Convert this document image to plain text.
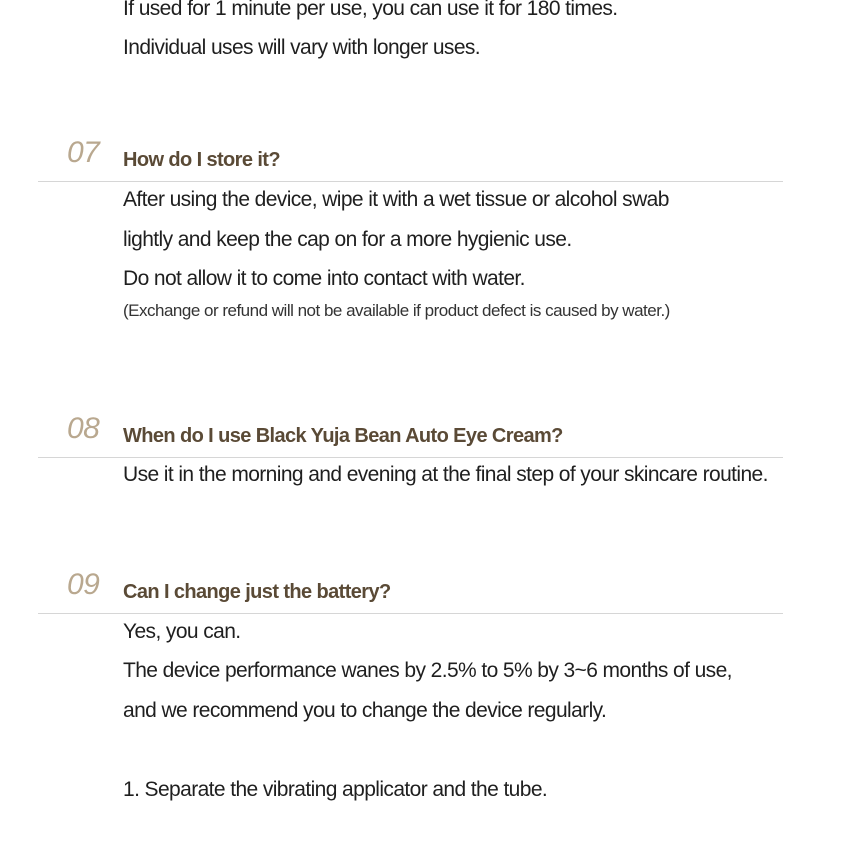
If used for 1 minute per use, you can use it for 180 times.
Individual uses will vary with longer uses.
07 How do I store it?
After using the device, wipe it with a wet tissue or alcohol swab
lightly and keep the cap on for a more hygienic use.
Do not allow it to come into contact with water.
(Exchange or refund will not be available if product defect is caused by water.)
08 When do I use Black Yuja Bean Auto Eye Cream?
Use it in the morning and evening at the final step of your skincare routine.
09 Can I change just the battery?
Yes, you can.
The device performance wanes by 2.5% to 5% by 3~6 months of use,
and we recommend you to change the device regularly.
1. Separate the vibrating applicator and the tube.
